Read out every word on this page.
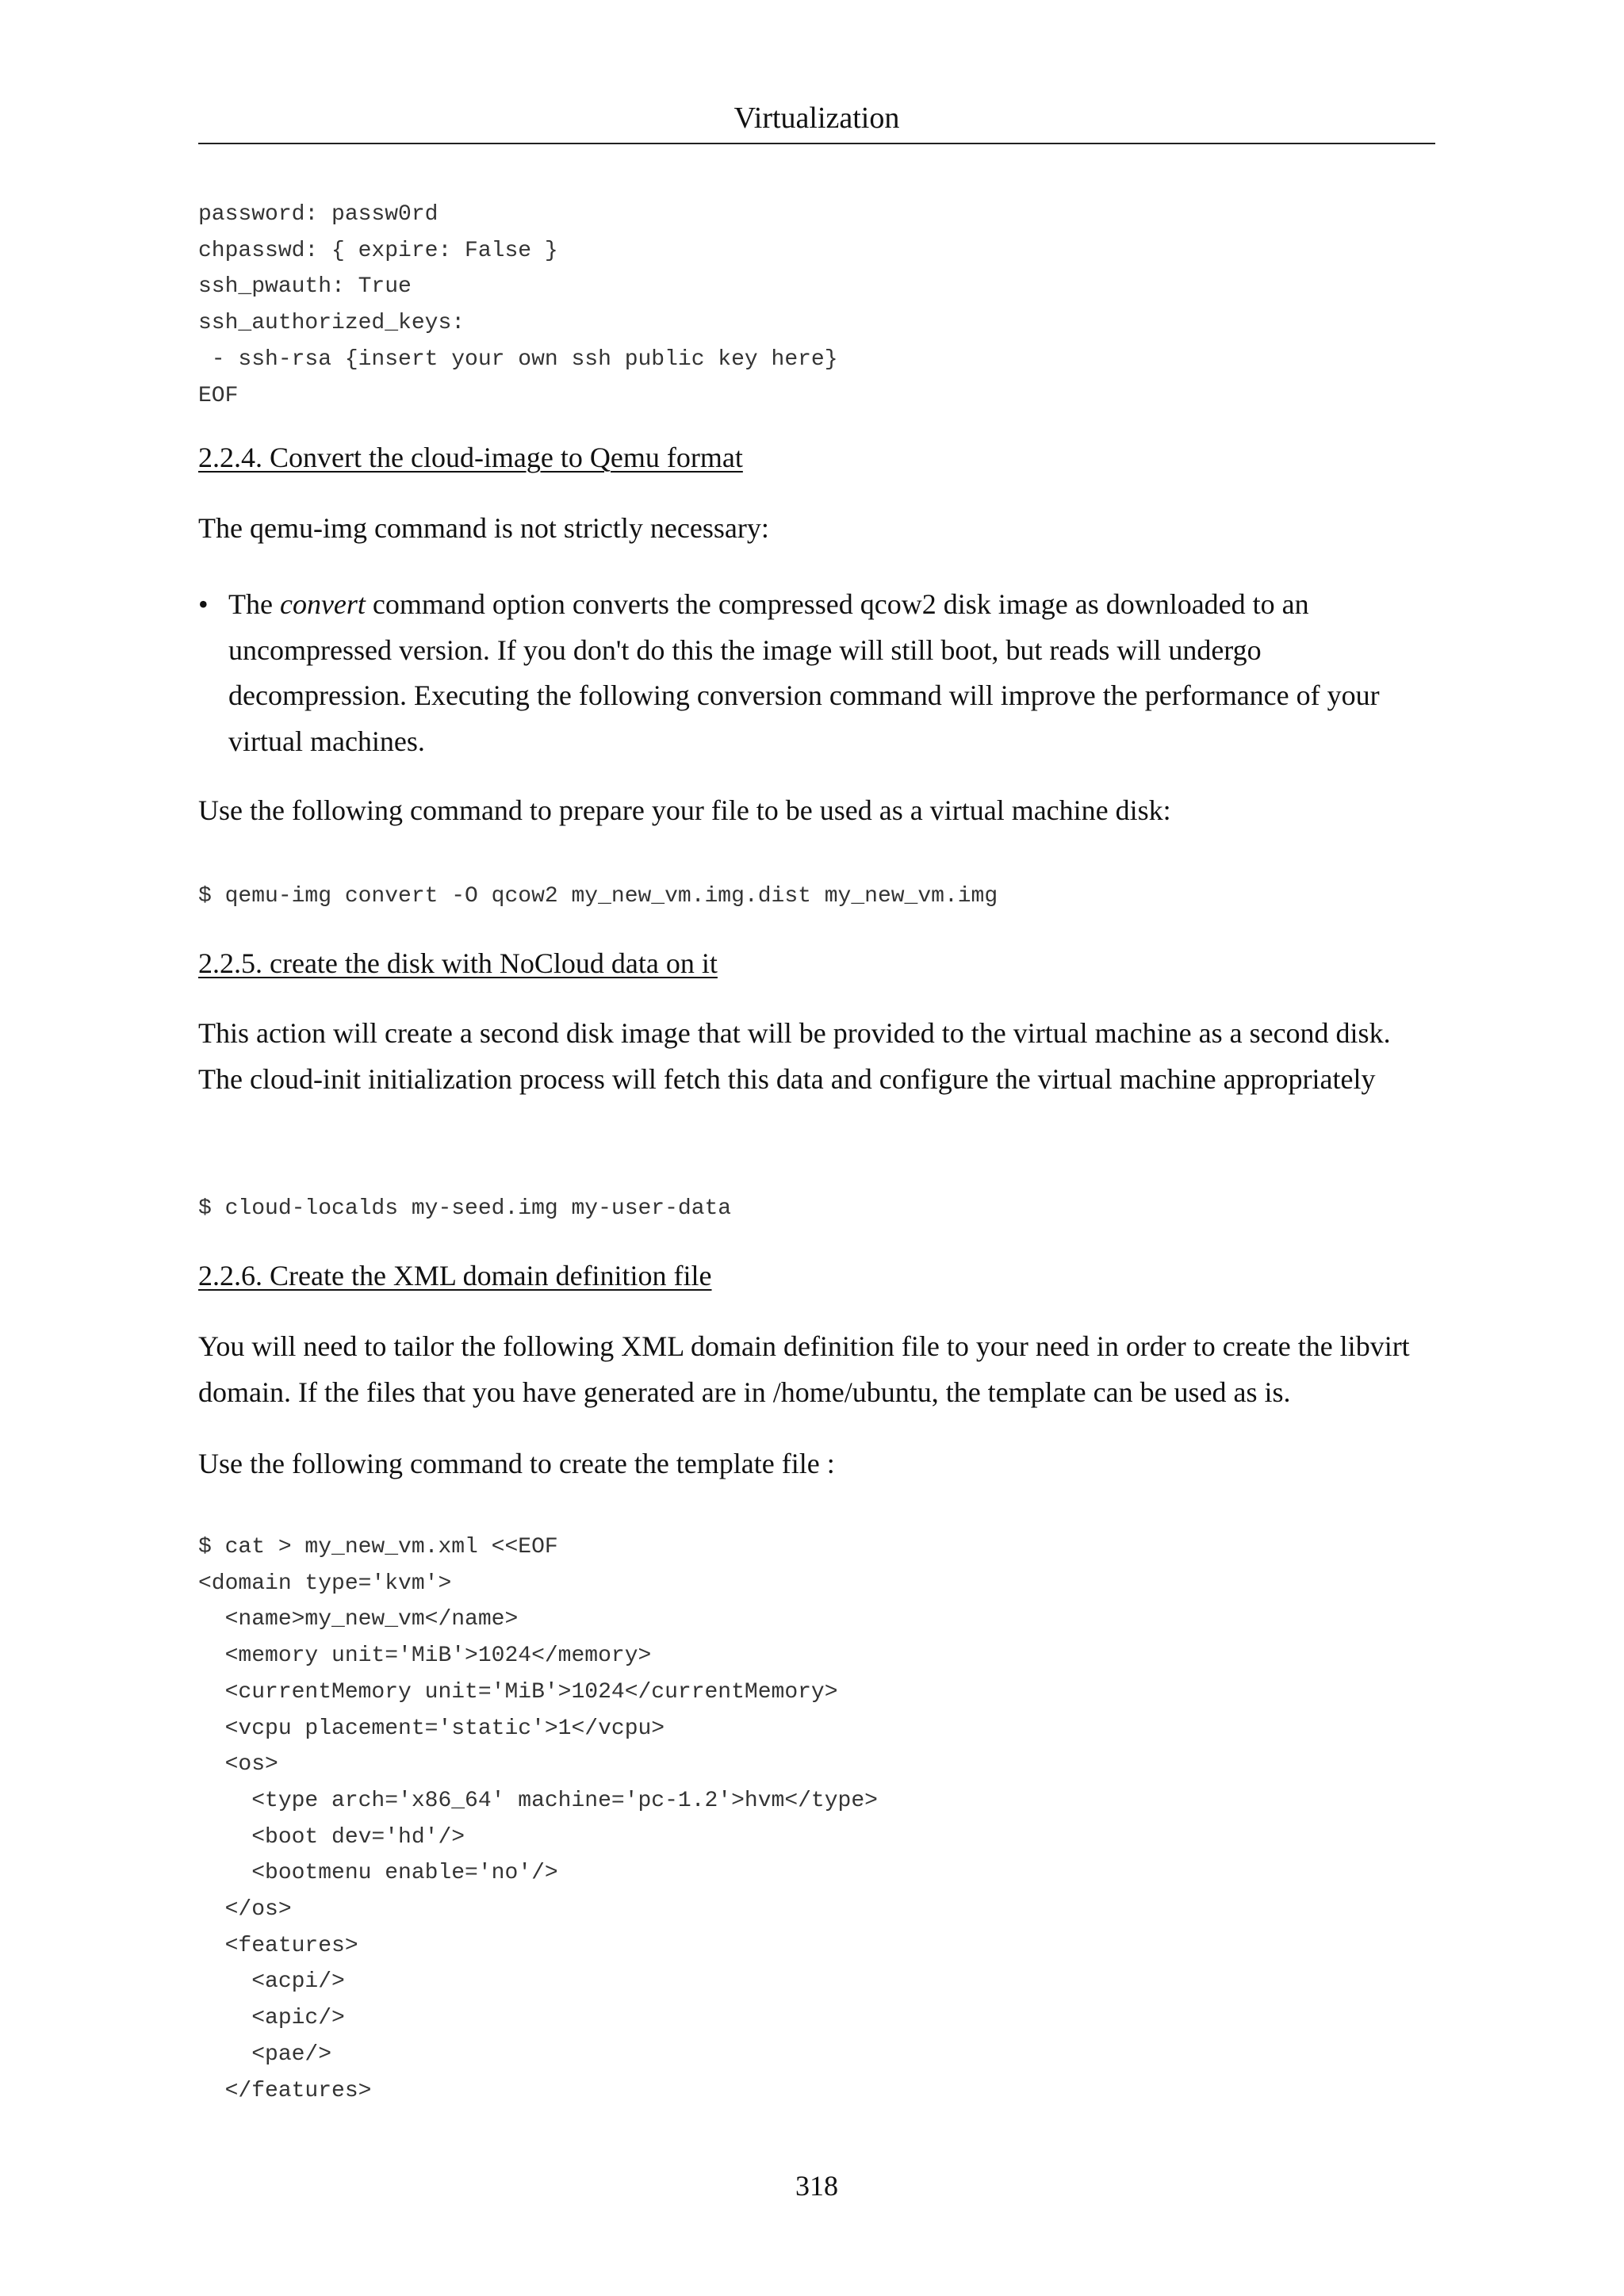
Virtualization
password: passw0rd
chpasswd: { expire: False }
ssh_pwauth: True
ssh_authorized_keys:
- ssh-rsa {insert your own ssh public key here}
EOF
2.2.4. Convert the cloud-image to Qemu format

The qemu-img command is not strictly necessary:

• The convert command option converts the compressed qcow2 disk image as downloaded to an uncompressed version. If you don't do this the image will still boot, but reads will undergo decompression. Executing the following conversion command will improve the performance of your virtual machines.

Use the following command to prepare your file to be used as a virtual machine disk:

$ qemu-img convert -O qcow2 my_new_vm.img.dist my_new_vm.img
2.2.5. create the disk with NoCloud data on it

This action will create a second disk image that will be provided to the virtual machine as a second disk. The cloud-init initialization process will fetch this data and configure the virtual machine appropriately

$ cloud-localds my-seed.img my-user-data
2.2.6. Create the XML domain definition file

You will need to tailor the following XML domain definition file to your need in order to create the libvirt domain. If the files that you have generated are in /home/ubuntu, the template can be used as is.

Use the following command to create the template file :

$ cat > my_new_vm.xml <<EOF
<domain type='kvm'>
<name>my_new_vm</name>
<memory unit='MiB'>1024</memory>
<currentMemory unit='MiB'>1024</currentMemory>
<vcpu placement='static'>1</vcpu>
<os>
<type arch='x86_64' machine='pc-1.2'>hvm</type>
<boot dev='hd'/>
<bootmenu enable='no'/>
</os>
<features>
<acpi/>
<apic/>
<pae/>
</features>
318
